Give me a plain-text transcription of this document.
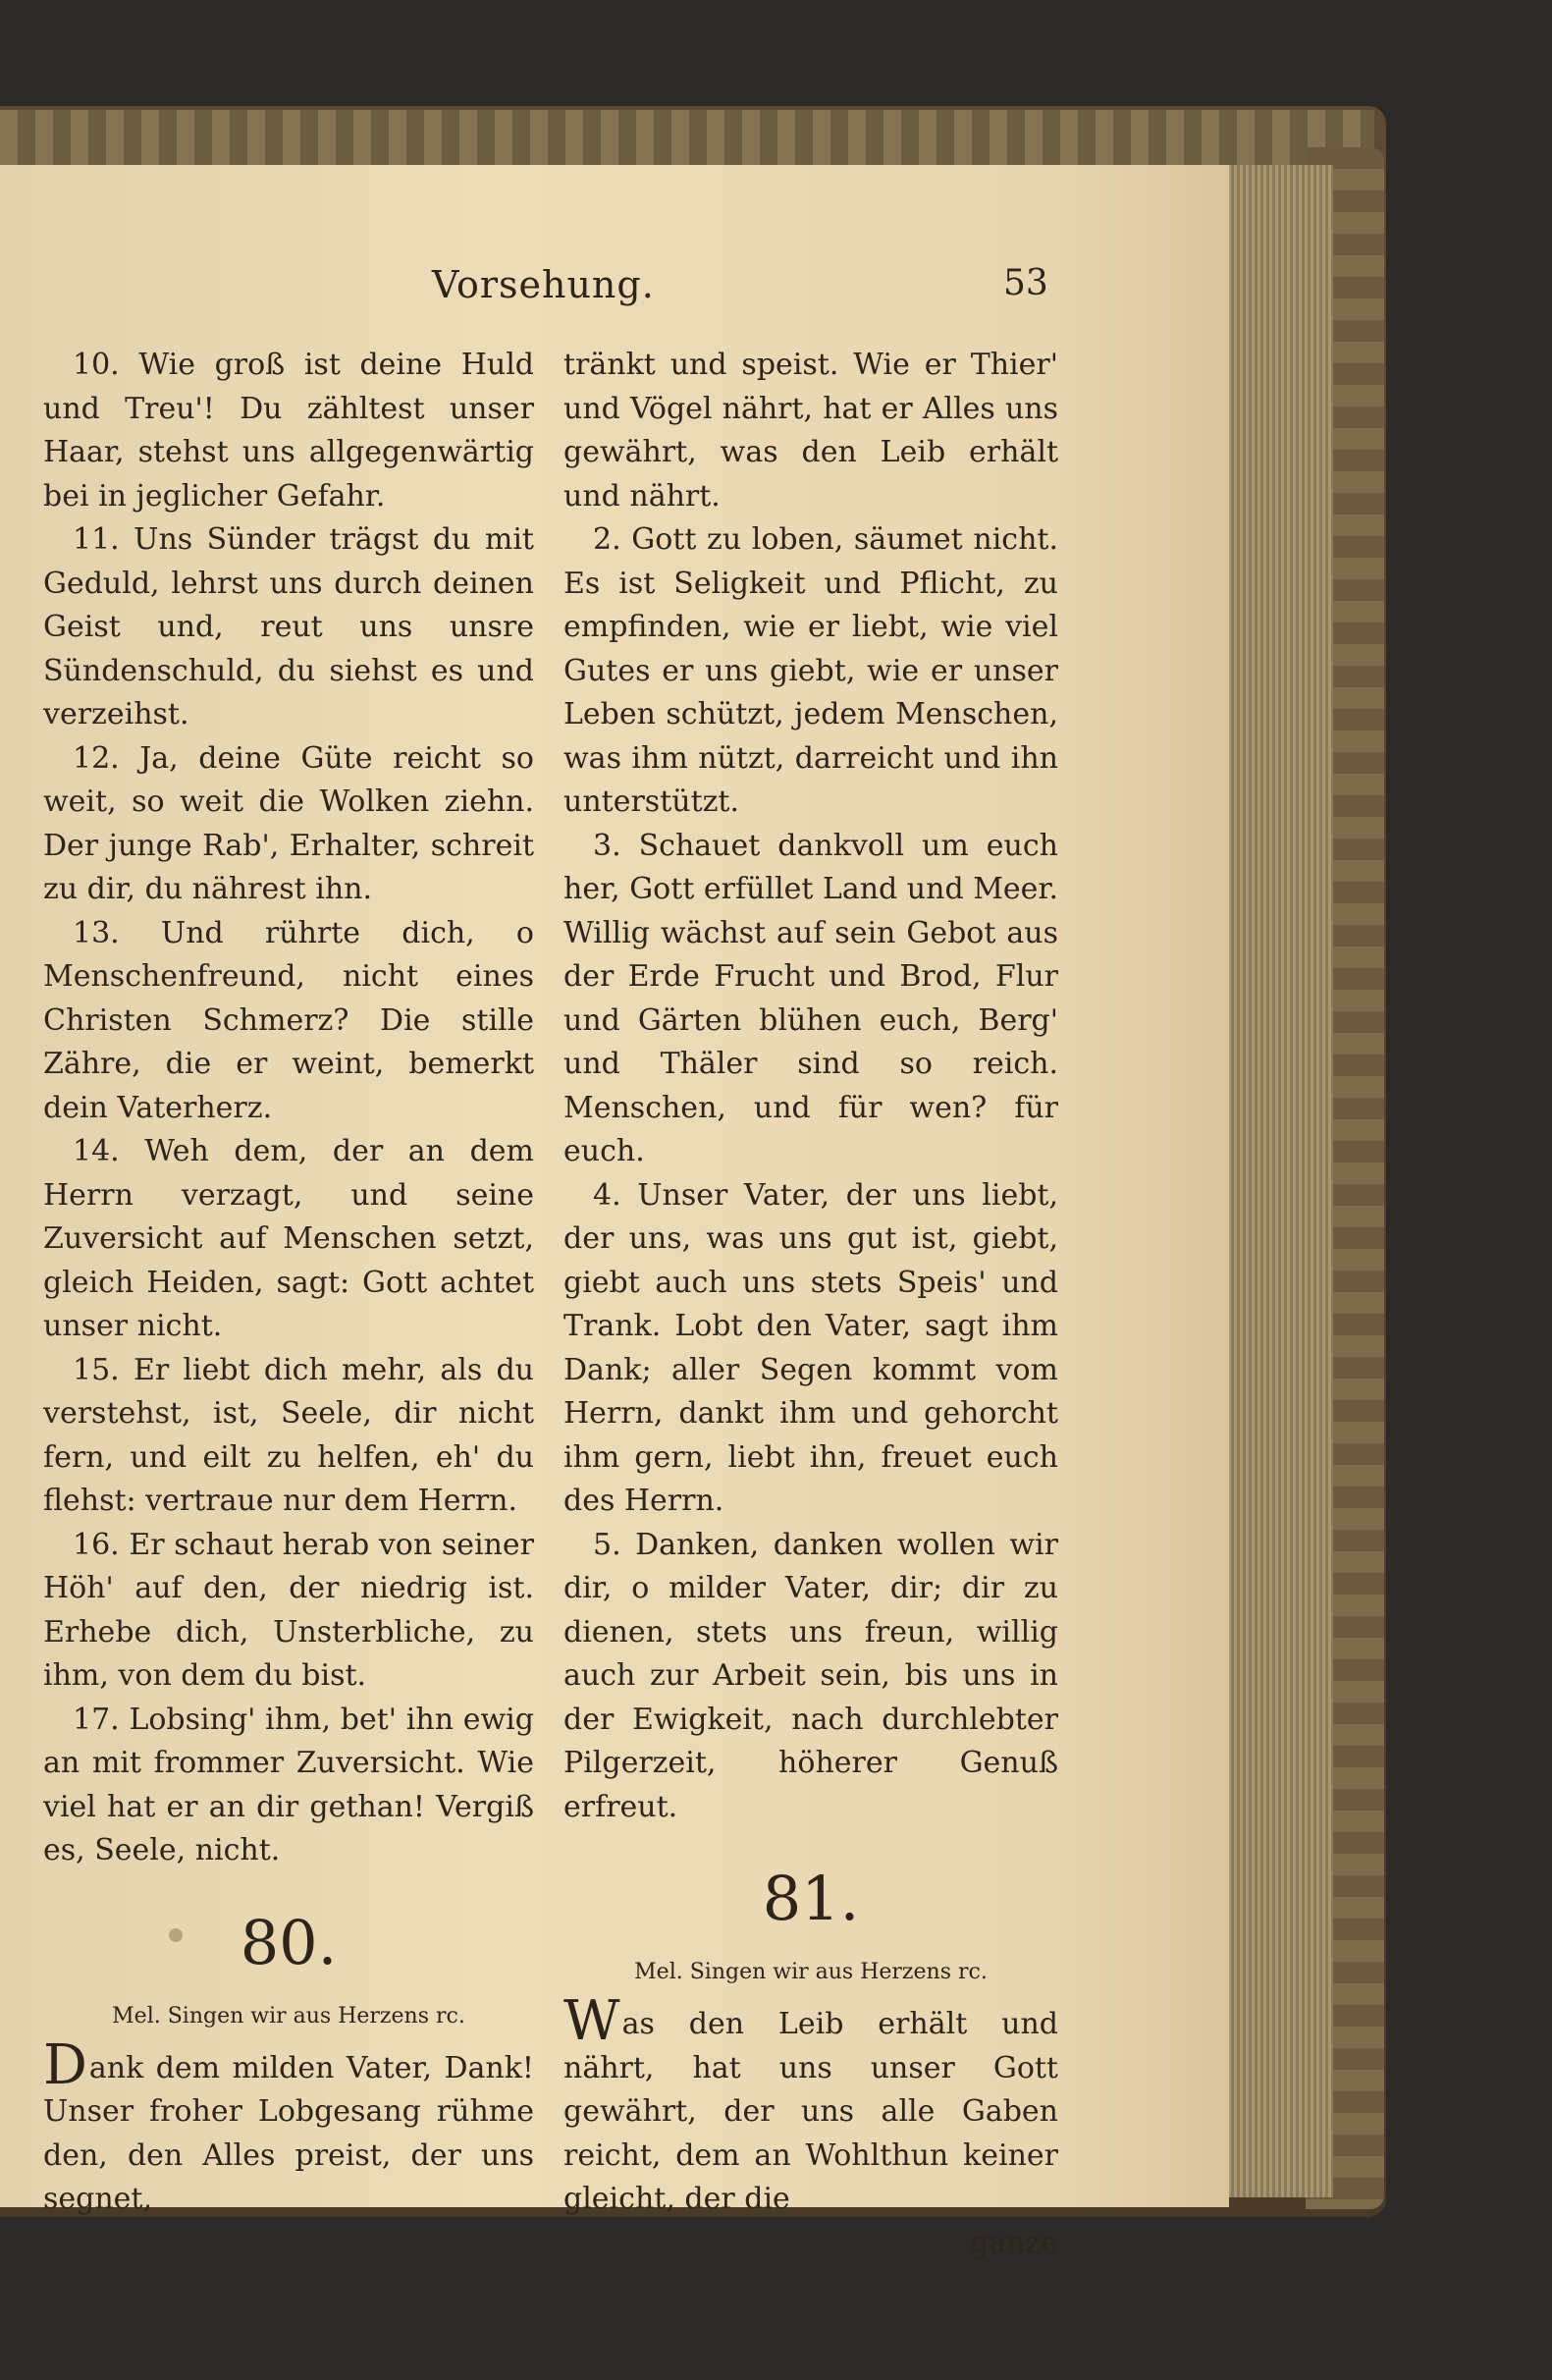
Vorsehung.	53

10. Wie groß ist deine Huld und Treu'! Du zähltest unser Haar, stehst uns allgegenwärtig bei in jeglicher Gefahr.

11. Uns Sünder trägst du mit Geduld, lehrst uns durch deinen Geist und, reut uns unsre Sündenschuld, du siehst es und verzeihst.

12. Ja, deine Güte reicht so weit, so weit die Wolken ziehn. Der junge Rab', Erhalter, schreit zu dir, du nährest ihn.

13. Und rührte dich, o Menschenfreund, nicht eines Christen Schmerz? Die stille Zähre, die er weint, bemerkt dein Vaterherz.

14. Weh dem, der an dem Herrn verzagt, und seine Zuversicht auf Menschen setzt, gleich Heiden, sagt: Gott achtet unser nicht.

15. Er liebt dich mehr, als du verstehst, ist, Seele, dir nicht fern, und eilt zu helfen, eh' du flehst: vertraue nur dem Herrn.

16. Er schaut herab von seiner Höh' auf den, der niedrig ist. Erhebe dich, Unsterbliche, zu ihm, von dem du bist.

17. Lobsing' ihm, bet' ihn ewig an mit frommer Zuversicht. Wie viel hat er an dir gethan! Vergiß es, Seele, nicht.

80.
Mel. Singen wir aus Herzens rc.

Dank dem milden Vater, Dank! Unser froher Lobgesang rühme den, den Alles preist, der uns segnet,

tränkt und speist. Wie er Thier' und Vögel nährt, hat er Alles uns gewährt, was den Leib erhält und nährt.

2. Gott zu loben, säumet nicht. Es ist Seligkeit und Pflicht, zu empfinden, wie er liebt, wie viel Gutes er uns giebt, wie er unser Leben schützt, jedem Menschen, was ihm nützt, darreicht und ihn unterstützt.

3. Schauet dankvoll um euch her, Gott erfüllet Land und Meer. Willig wächst auf sein Gebot aus der Erde Frucht und Brod, Flur und Gärten blühen euch, Berg' und Thäler sind so reich. Menschen, und für wen? für euch.

4. Unser Vater, der uns liebt, der uns, was uns gut ist, giebt, giebt auch uns stets Speis' und Trank. Lobt den Vater, sagt ihm Dank; aller Segen kommt vom Herrn, dankt ihm und gehorcht ihm gern, liebt ihn, freuet euch des Herrn.

5. Danken, danken wollen wir dir, o milder Vater, dir; dir zu dienen, stets uns freun, willig auch zur Arbeit sein, bis uns in der Ewigkeit, nach durchlebter Pilgerzeit, höherer Genuß erfreut.

81.
Mel. Singen wir aus Herzens rc.

Was den Leib erhält und nährt, hat uns unser Gott gewährt, der uns alle Gaben reicht, dem an Wohlthun keiner gleicht, der die

ganze
